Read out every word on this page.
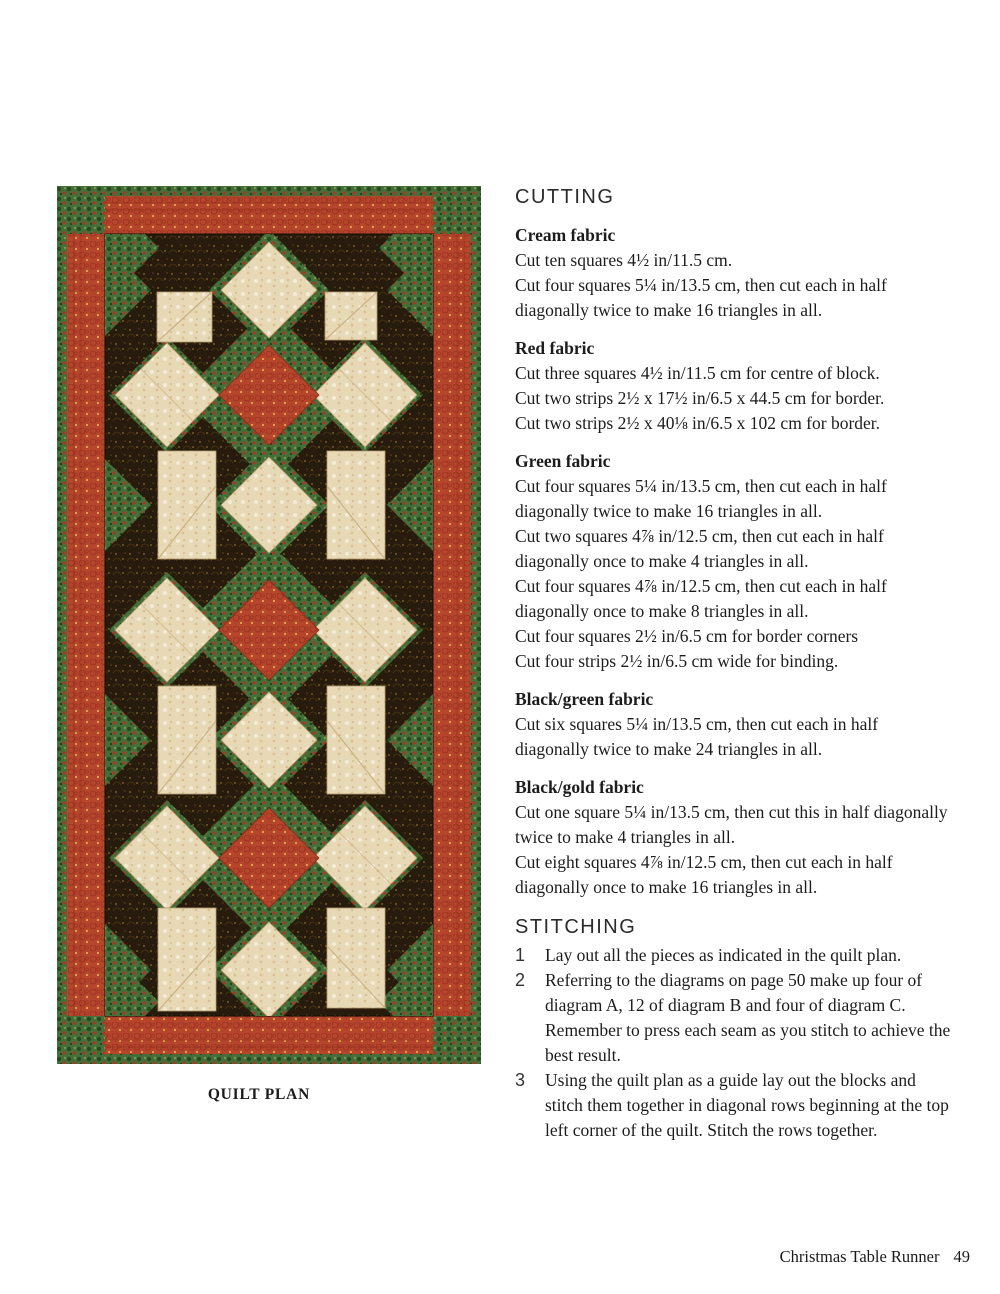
QUILT PLAN
CUTTING
Cream fabric

Cut ten squares 4½ in/11.5 cm.

Cut four squares 5¼ in/13.5 cm, then cut each in half diagonally twice to make 16 triangles in all.

Red fabric

Cut three squares 4½ in/11.5 cm for centre of block.

Cut two strips 2½ x 17½ in/6.5 x 44.5 cm for border.

Cut two strips 2½ x 40⅛ in/6.5 x 102 cm for border.

Green fabric

Cut four squares 5¼ in/13.5 cm, then cut each in half diagonally twice to make 16 triangles in all.

Cut two squares 4⅞ in/12.5 cm, then cut each in half diagonally once to make 4 triangles in all.

Cut four squares 4⅞ in/12.5 cm, then cut each in half diagonally once to make 8 triangles in all.

Cut four squares 2½ in/6.5 cm for border corners

Cut four strips 2½ in/6.5 cm wide for binding.

Black/green fabric

Cut six squares 5¼ in/13.5 cm, then cut each in half diagonally twice to make 24 triangles in all.

Black/gold fabric

Cut one square 5¼ in/13.5 cm, then cut this in half diagonally twice to make 4 triangles in all.

Cut eight squares 4⅞ in/12.5 cm, then cut each in half diagonally once to make 16 triangles in all.

STITCHING
1	Lay out all the pieces as indicated in the quilt plan.
2	Referring to the diagrams on page 50 make up four of diagram A, 12 of diagram B and four of diagram C. Remember to press each seam as you stitch to achieve the best result.
3	Using the quilt plan as a guide lay out the blocks and stitch them together in diagonal rows beginning at the top left corner of the quilt. Stitch the rows together.
Christmas Table Runner 49
